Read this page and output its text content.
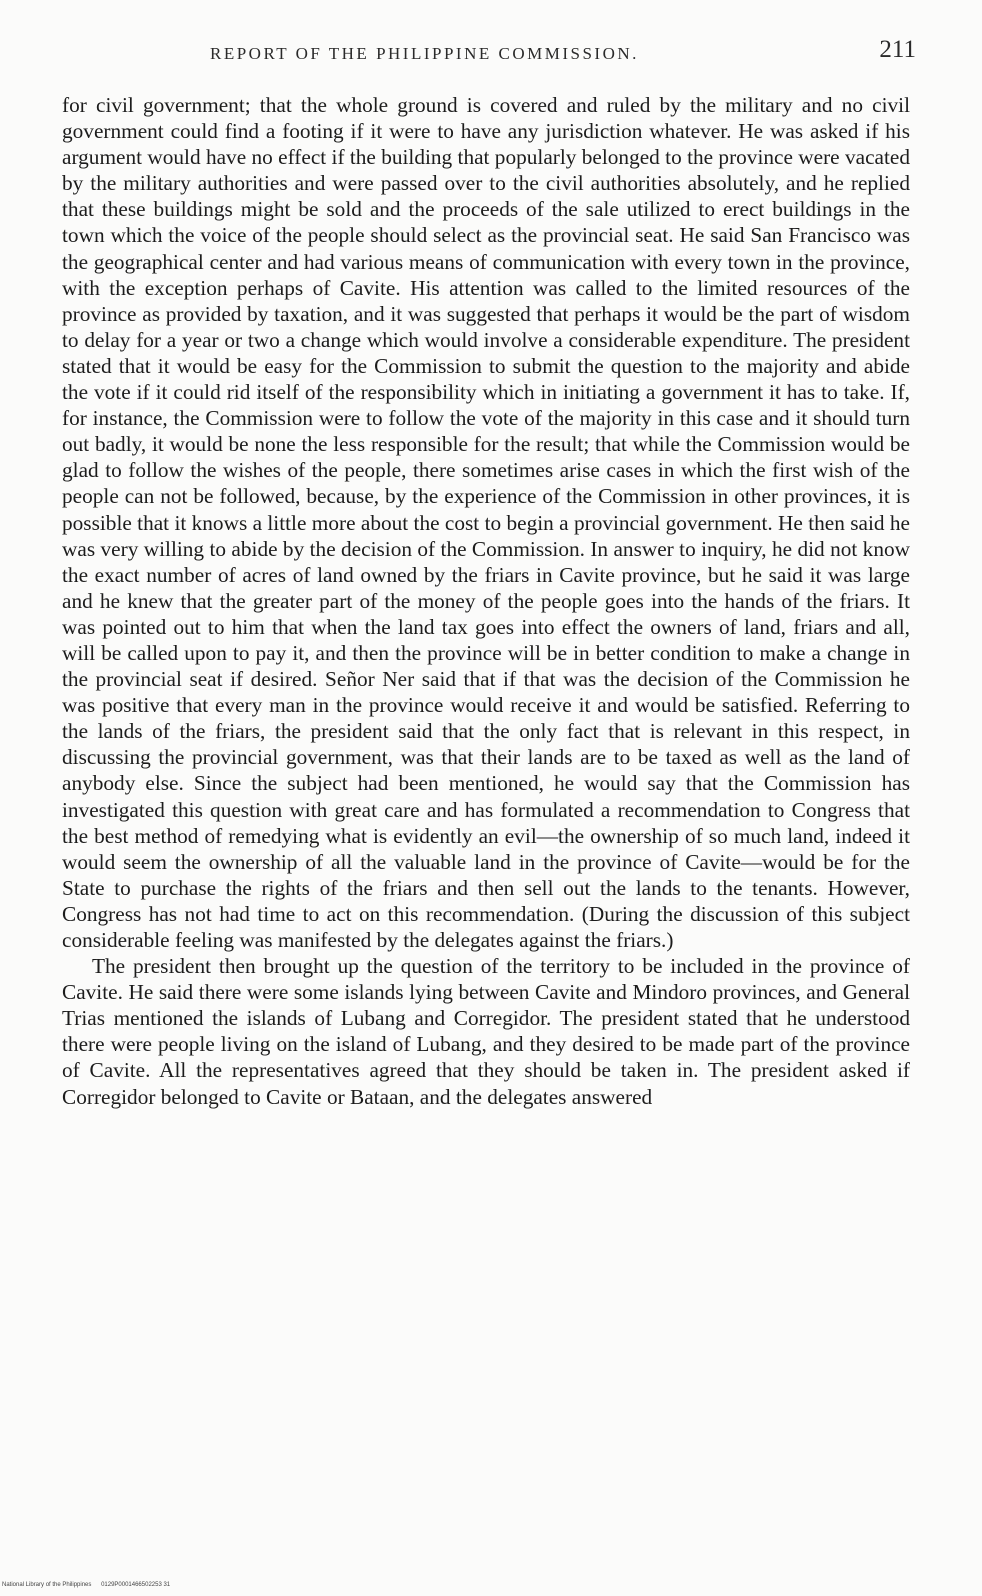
REPORT OF THE PHILIPPINE COMMISSION.	211

for civil government; that the whole ground is covered and ruled by the military and no civil government could find a footing if it were to have any jurisdiction whatever. He was asked if his argument would have no effect if the building that popularly belonged to the province were vacated by the military authorities and were passed over to the civil authorities absolutely, and he replied that these buildings might be sold and the proceeds of the sale utilized to erect buildings in the town which the voice of the people should select as the provincial seat. He said San Francisco was the geographical center and had various means of communication with every town in the province, with the exception perhaps of Cavite. His attention was called to the limited resources of the province as provided by taxation, and it was suggested that perhaps it would be the part of wisdom to delay for a year or two a change which would involve a considerable expenditure. The president stated that it would be easy for the Commission to submit the question to the majority and abide the vote if it could rid itself of the responsibility which in initiating a government it has to take. If, for instance, the Commission were to follow the vote of the majority in this case and it should turn out badly, it would be none the less responsible for the result; that while the Commission would be glad to follow the wishes of the people, there sometimes arise cases in which the first wish of the people can not be followed, because, by the experience of the Commission in other provinces, it is possible that it knows a little more about the cost to begin a provincial government. He then said he was very willing to abide by the decision of the Commission. In answer to inquiry, he did not know the exact number of acres of land owned by the friars in Cavite province, but he said it was large and he knew that the greater part of the money of the people goes into the hands of the friars. It was pointed out to him that when the land tax goes into effect the owners of land, friars and all, will be called upon to pay it, and then the province will be in better condition to make a change in the provincial seat if desired. Señor Ner said that if that was the decision of the Commission he was positive that every man in the province would receive it and would be satisfied. Referring to the lands of the friars, the president said that the only fact that is relevant in this respect, in discussing the provincial government, was that their lands are to be taxed as well as the land of anybody else. Since the subject had been mentioned, he would say that the Commission has investigated this question with great care and has formulated a recommendation to Congress that the best method of remedying what is evidently an evil—the ownership of so much land, indeed it would seem the ownership of all the valuable land in the province of Cavite—would be for the State to purchase the rights of the friars and then sell out the lands to the tenants. However, Congress has not had time to act on this recommendation. (During the discussion of this subject considerable feeling was manifested by the delegates against the friars.)

The president then brought up the question of the territory to be included in the province of Cavite. He said there were some islands lying between Cavite and Mindoro provinces, and General Trias mentioned the islands of Lubang and Corregidor. The president stated that he understood there were people living on the island of Lubang, and they desired to be made part of the province of Cavite. All the representatives agreed that they should be taken in. The president asked if Corregidor belonged to Cavite or Bataan, and the delegates answered

National Library of the Philippines 0129P0001466502253 31
